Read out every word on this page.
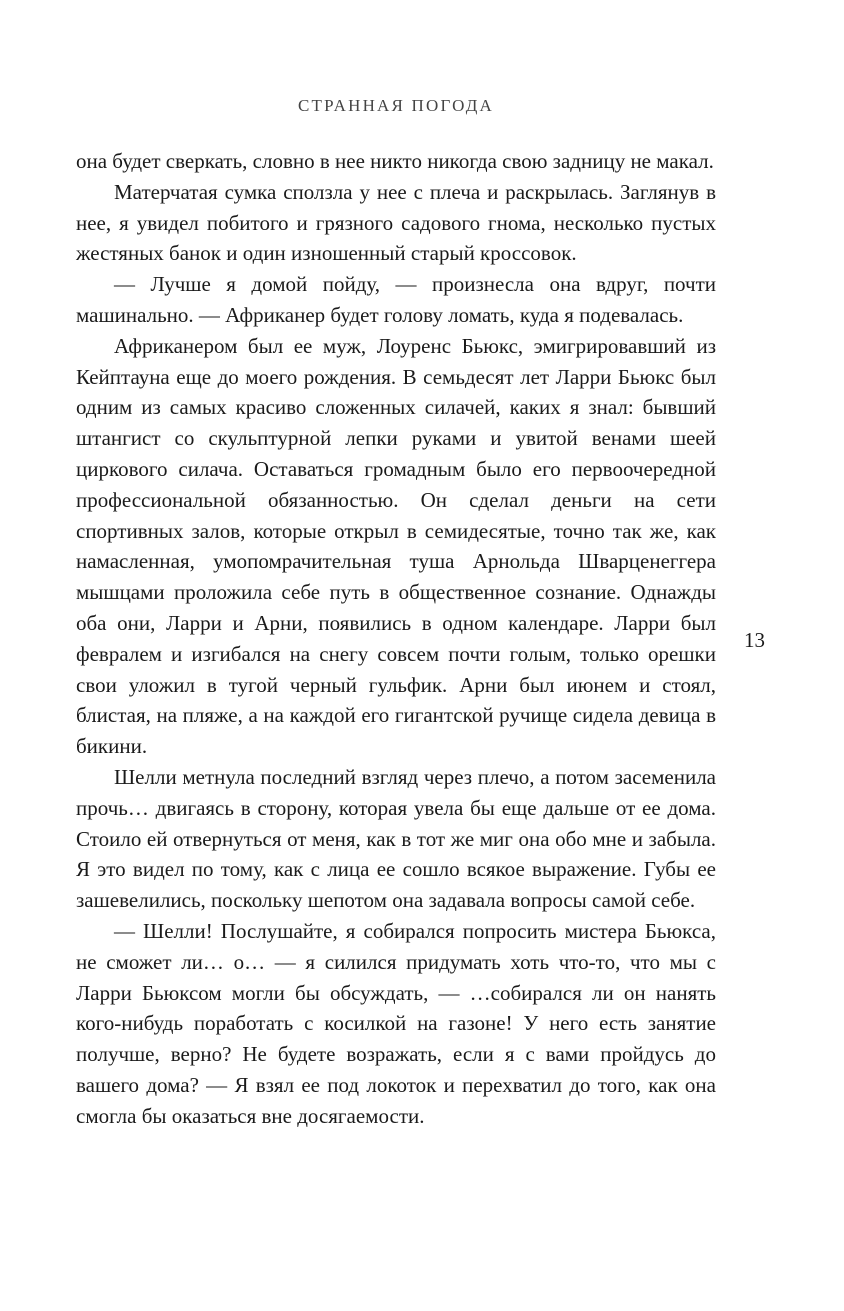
СТРАННАЯ ПОГОДА

она будет сверкать, словно в нее никто никогда свою задницу не макал.

Матерчатая сумка сползла у нее с плеча и раскрылась. Заглянув в нее, я увидел побитого и грязного садового гнома, несколько пустых жестяных банок и один изношенный старый кроссовок.

— Лучше я домой пойду, — произнесла она вдруг, почти машинально. — Африканер будет голову ломать, куда я подевалась.

Африканером был ее муж, Лоуренс Бьюкс, эмигрировавший из Кейптауна еще до моего рождения. В семьдесят лет Ларри Бьюкс был одним из самых красиво сложенных силачей, каких я знал: бывший штангист со скульптурной лепки руками и увитой венами шеей циркового силача. Оставаться громадным было его первоочередной профессиональной обязанностью. Он сделал деньги на сети спортивных залов, которые открыл в семидесятые, точно так же, как намасленная, умопомрачительная туша Арнольда Шварценеггера мышцами проложила себе путь в общественное сознание. Однажды оба они, Ларри и Арни, появились в одном календаре. Ларри был февралем и изгибался на снегу совсем почти голым, только орешки свои уложил в тугой черный гульфик. Арни был июнем и стоял, блистая, на пляже, а на каждой его гигантской ручище сидела девица в бикини.

Шелли метнула последний взгляд через плечо, а потом засеменила прочь… двигаясь в сторону, которая увела бы еще дальше от ее дома. Стоило ей отвернуться от меня, как в тот же миг она обо мне и забыла. Я это видел по тому, как с лица ее сошло всякое выражение. Губы ее зашевелились, поскольку шепотом она задавала вопросы самой себе.

— Шелли! Послушайте, я собирался попросить мистера Бьюкса, не сможет ли… о… — я силился придумать хоть что-то, что мы с Ларри Бьюксом могли бы обсуждать, — …собирался ли он нанять кого-нибудь поработать с косилкой на газоне! У него есть занятие получше, верно? Не будете возражать, если я с вами пройдусь до вашего дома? — Я взял ее под локоток и перехватил до того, как она смогла бы оказаться вне досягаемости.

13
